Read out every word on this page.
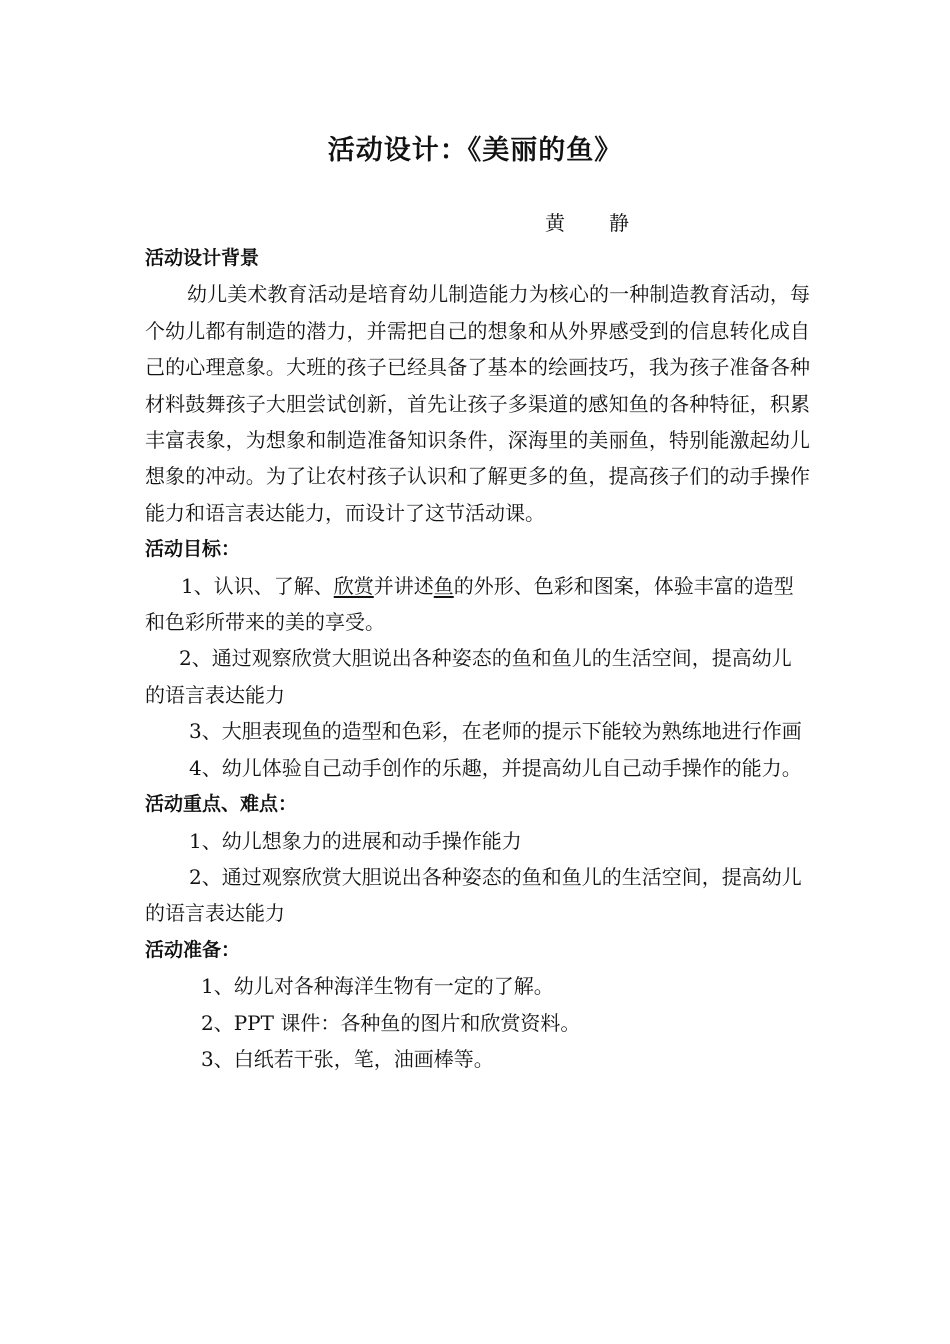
活动设计：《美丽的鱼》

黄 静

活动设计背景

幼儿美术教育活动是培育幼儿制造能力为核心的一种制造教育活动，每个幼儿都有制造的潜力，并需把自己的想象和从外界感受到的信息转化成自己的心理意象。大班的孩子已经具备了基本的绘画技巧，我为孩子准备各种材料鼓舞孩子大胆尝试创新，首先让孩子多渠道的感知鱼的各种特征，积累丰富表象，为想象和制造准备知识条件，深海里的美丽鱼，特别能激起幼儿想象的冲动。为了让农村孩子认识和了解更多的鱼，提高孩子们的动手操作能力和语言表达能力，而设计了这节活动课。

活动目标：

1、认识、了解、欣赏并讲述鱼的外形、色彩和图案，体验丰富的造型和色彩所带来的美的享受。

2、通过观察欣赏大胆说出各种姿态的鱼和鱼儿的生活空间，提高幼儿的语言表达能力

3、大胆表现鱼的造型和色彩，在老师的提示下能较为熟练地进行作画

4、幼儿体验自己动手创作的乐趣，并提高幼儿自己动手操作的能力。

活动重点、难点：

1、幼儿想象力的进展和动手操作能力

2、通过观察欣赏大胆说出各种姿态的鱼和鱼儿的生活空间，提高幼儿的语言表达能力

活动准备：

1、幼儿对各种海洋生物有一定的了解。

2、PPT 课件：各种鱼的图片和欣赏资料。

3、白纸若干张，笔，油画棒等。
